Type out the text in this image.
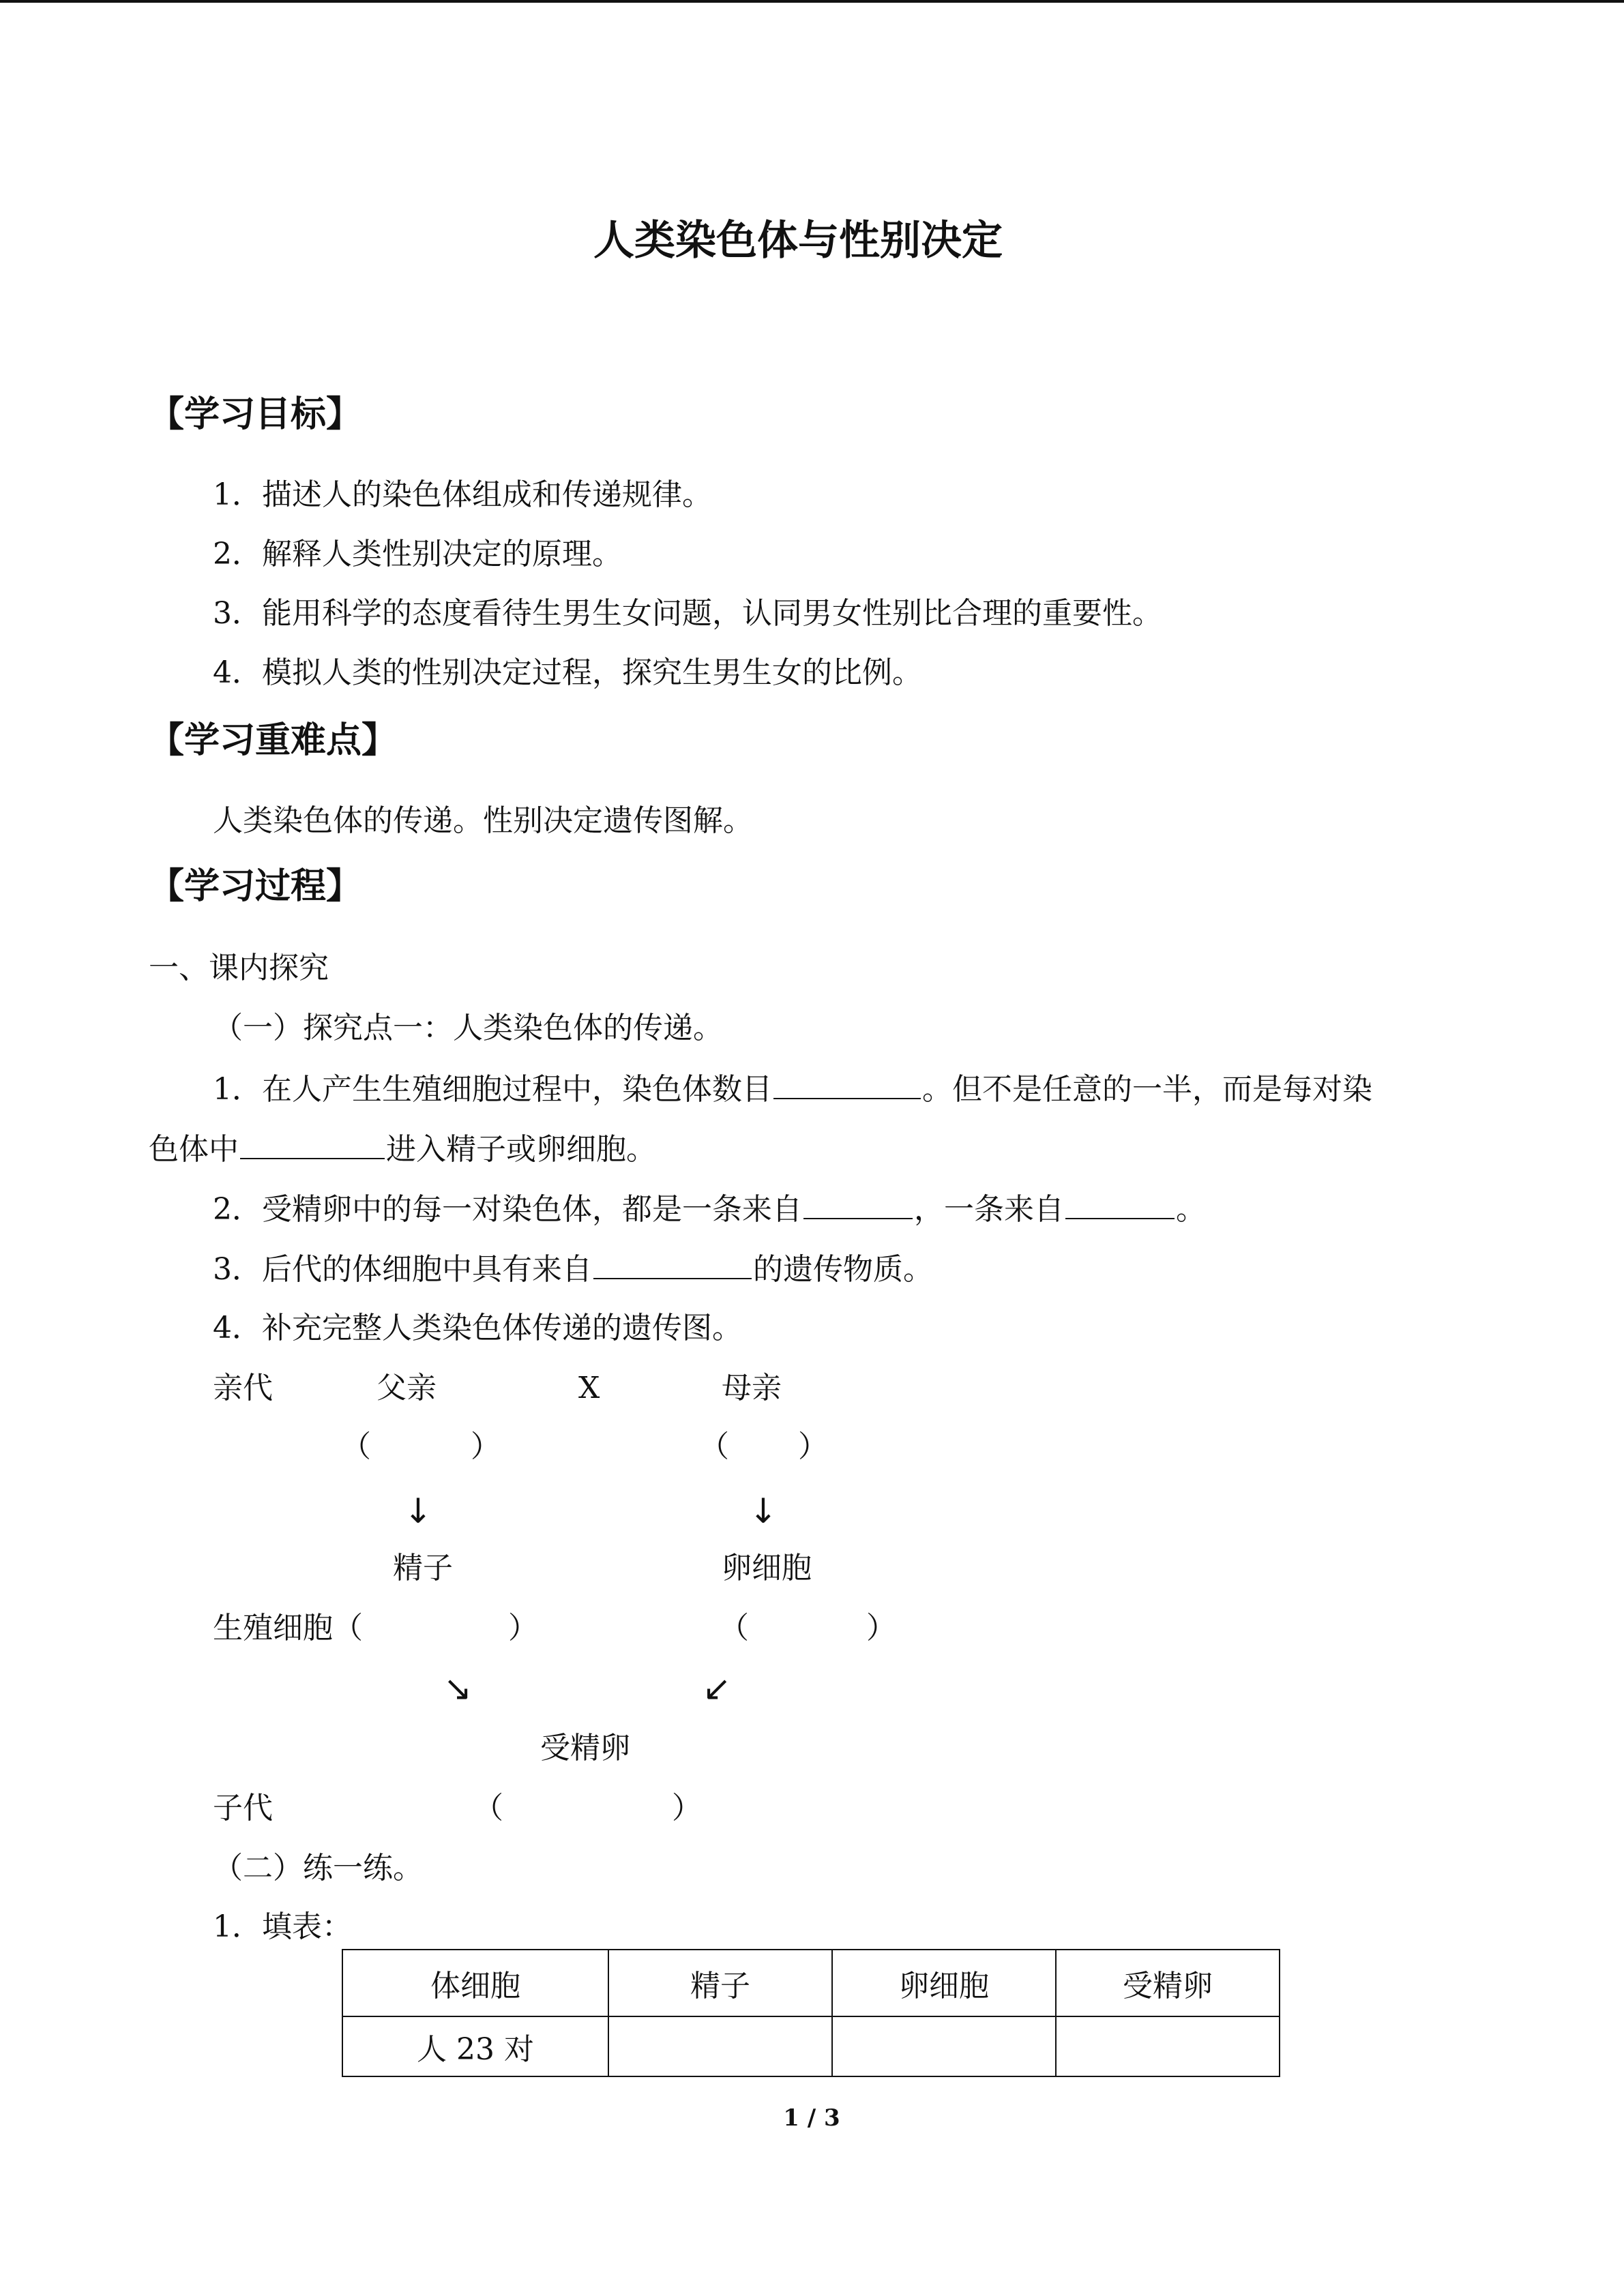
人类染色体与性别决定
【学习目标】
1．描述人的染色体组成和传递规律。
2．解释人类性别决定的原理。
3．能用科学的态度看待生男生女问题，认同男女性别比合理的重要性。
4．模拟人类的性别决定过程，探究生男生女的比例。
【学习重难点】
人类染色体的传递。性别决定遗传图解。
【学习过程】
一、课内探究
（一）探究点一：人类染色体的传递。
1．在人产生生殖细胞过程中，染色体数目	。但不是任意的一半，而是每对染
色体中	进入精子或卵细胞。
2．受精卵中的每一对染色体，都是一条来自	，一条来自	。
3．后代的体细胞中具有来自	的遗传物质。
4．补充完整人类染色体传递的遗传图。
亲代	父亲	X	母亲
（	）	（ ）
↓	↓
精子	卵细胞
生殖细胞（	）	（	）
↘	↙
受精卵
子代	（	）
（二）练一练。
1．填表：
体细胞	精子	卵细胞	受精卵
人 23 对			
1 / 3
